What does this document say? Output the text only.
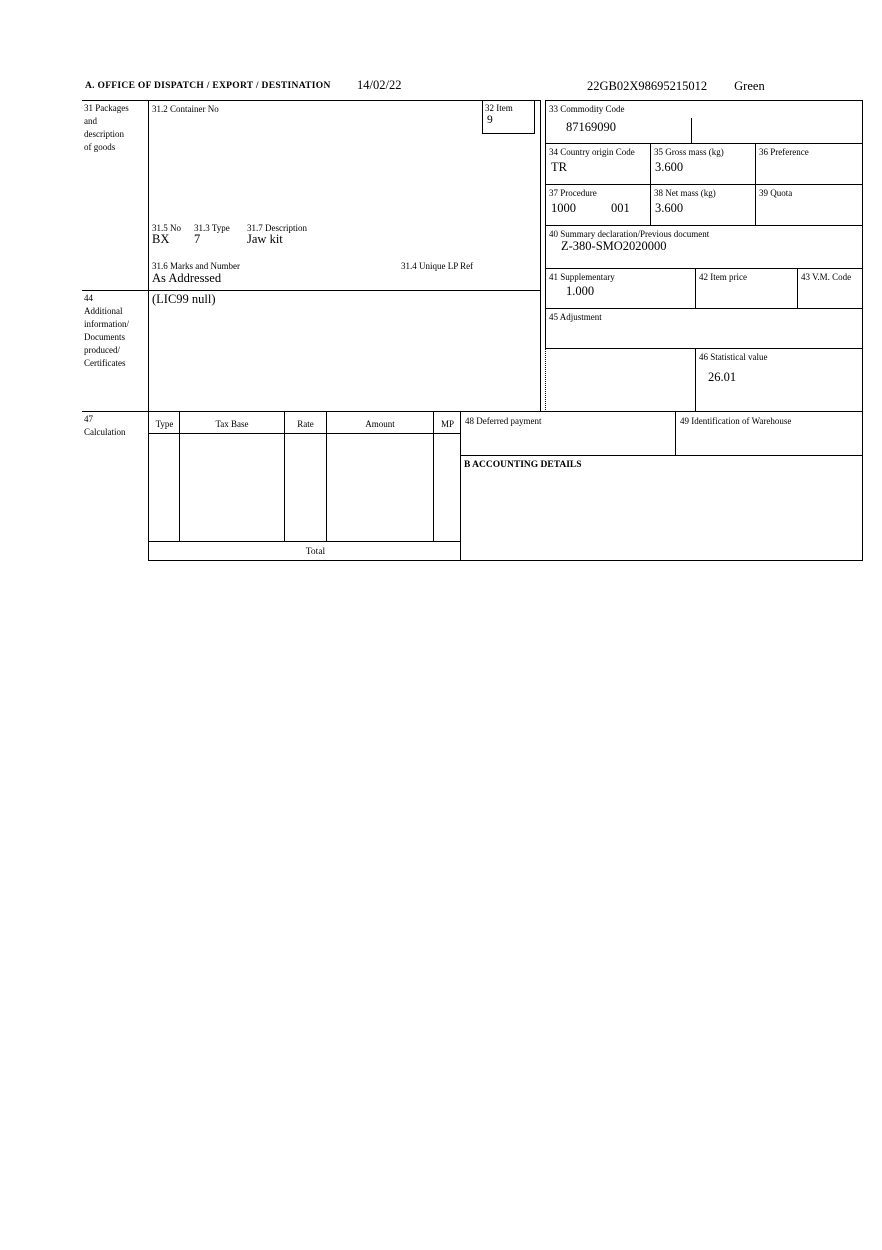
A. OFFICE OF DISPATCH / EXPORT / DESTINATION 14/02/22	22GB02X98695215012 Green
31 Packages
and
description
of goods
44
Additional
information/
Documents
produced/
Certificates
47
Calculation
31.2 Container No
31.5 No 31.3 Type 31.7 Description
BX 7	Jaw kit
31.6 Marks and Number	31.4 Unique LP Ref
As Addressed
32 Item
9
(LIC99 null)
33 Commodity Code
87169090
34 Country origin Code
TR
35 Gross mass (kg)
3.600
36 Preference
37 Procedure
1000	001
38 Net mass (kg)
3.600
39 Quota
40 Summary declaration/Previous document
Z-380-SMO2020000
41 Supplementary
1.000
42 Item price	43 V.M. Code
45 Adjustment
46 Statistical value
26.01
Type	Tax Base	Rate	Amount	MP
Total
48 Deferred payment	49 Identification of Warehouse
B ACCOUNTING DETAILS
